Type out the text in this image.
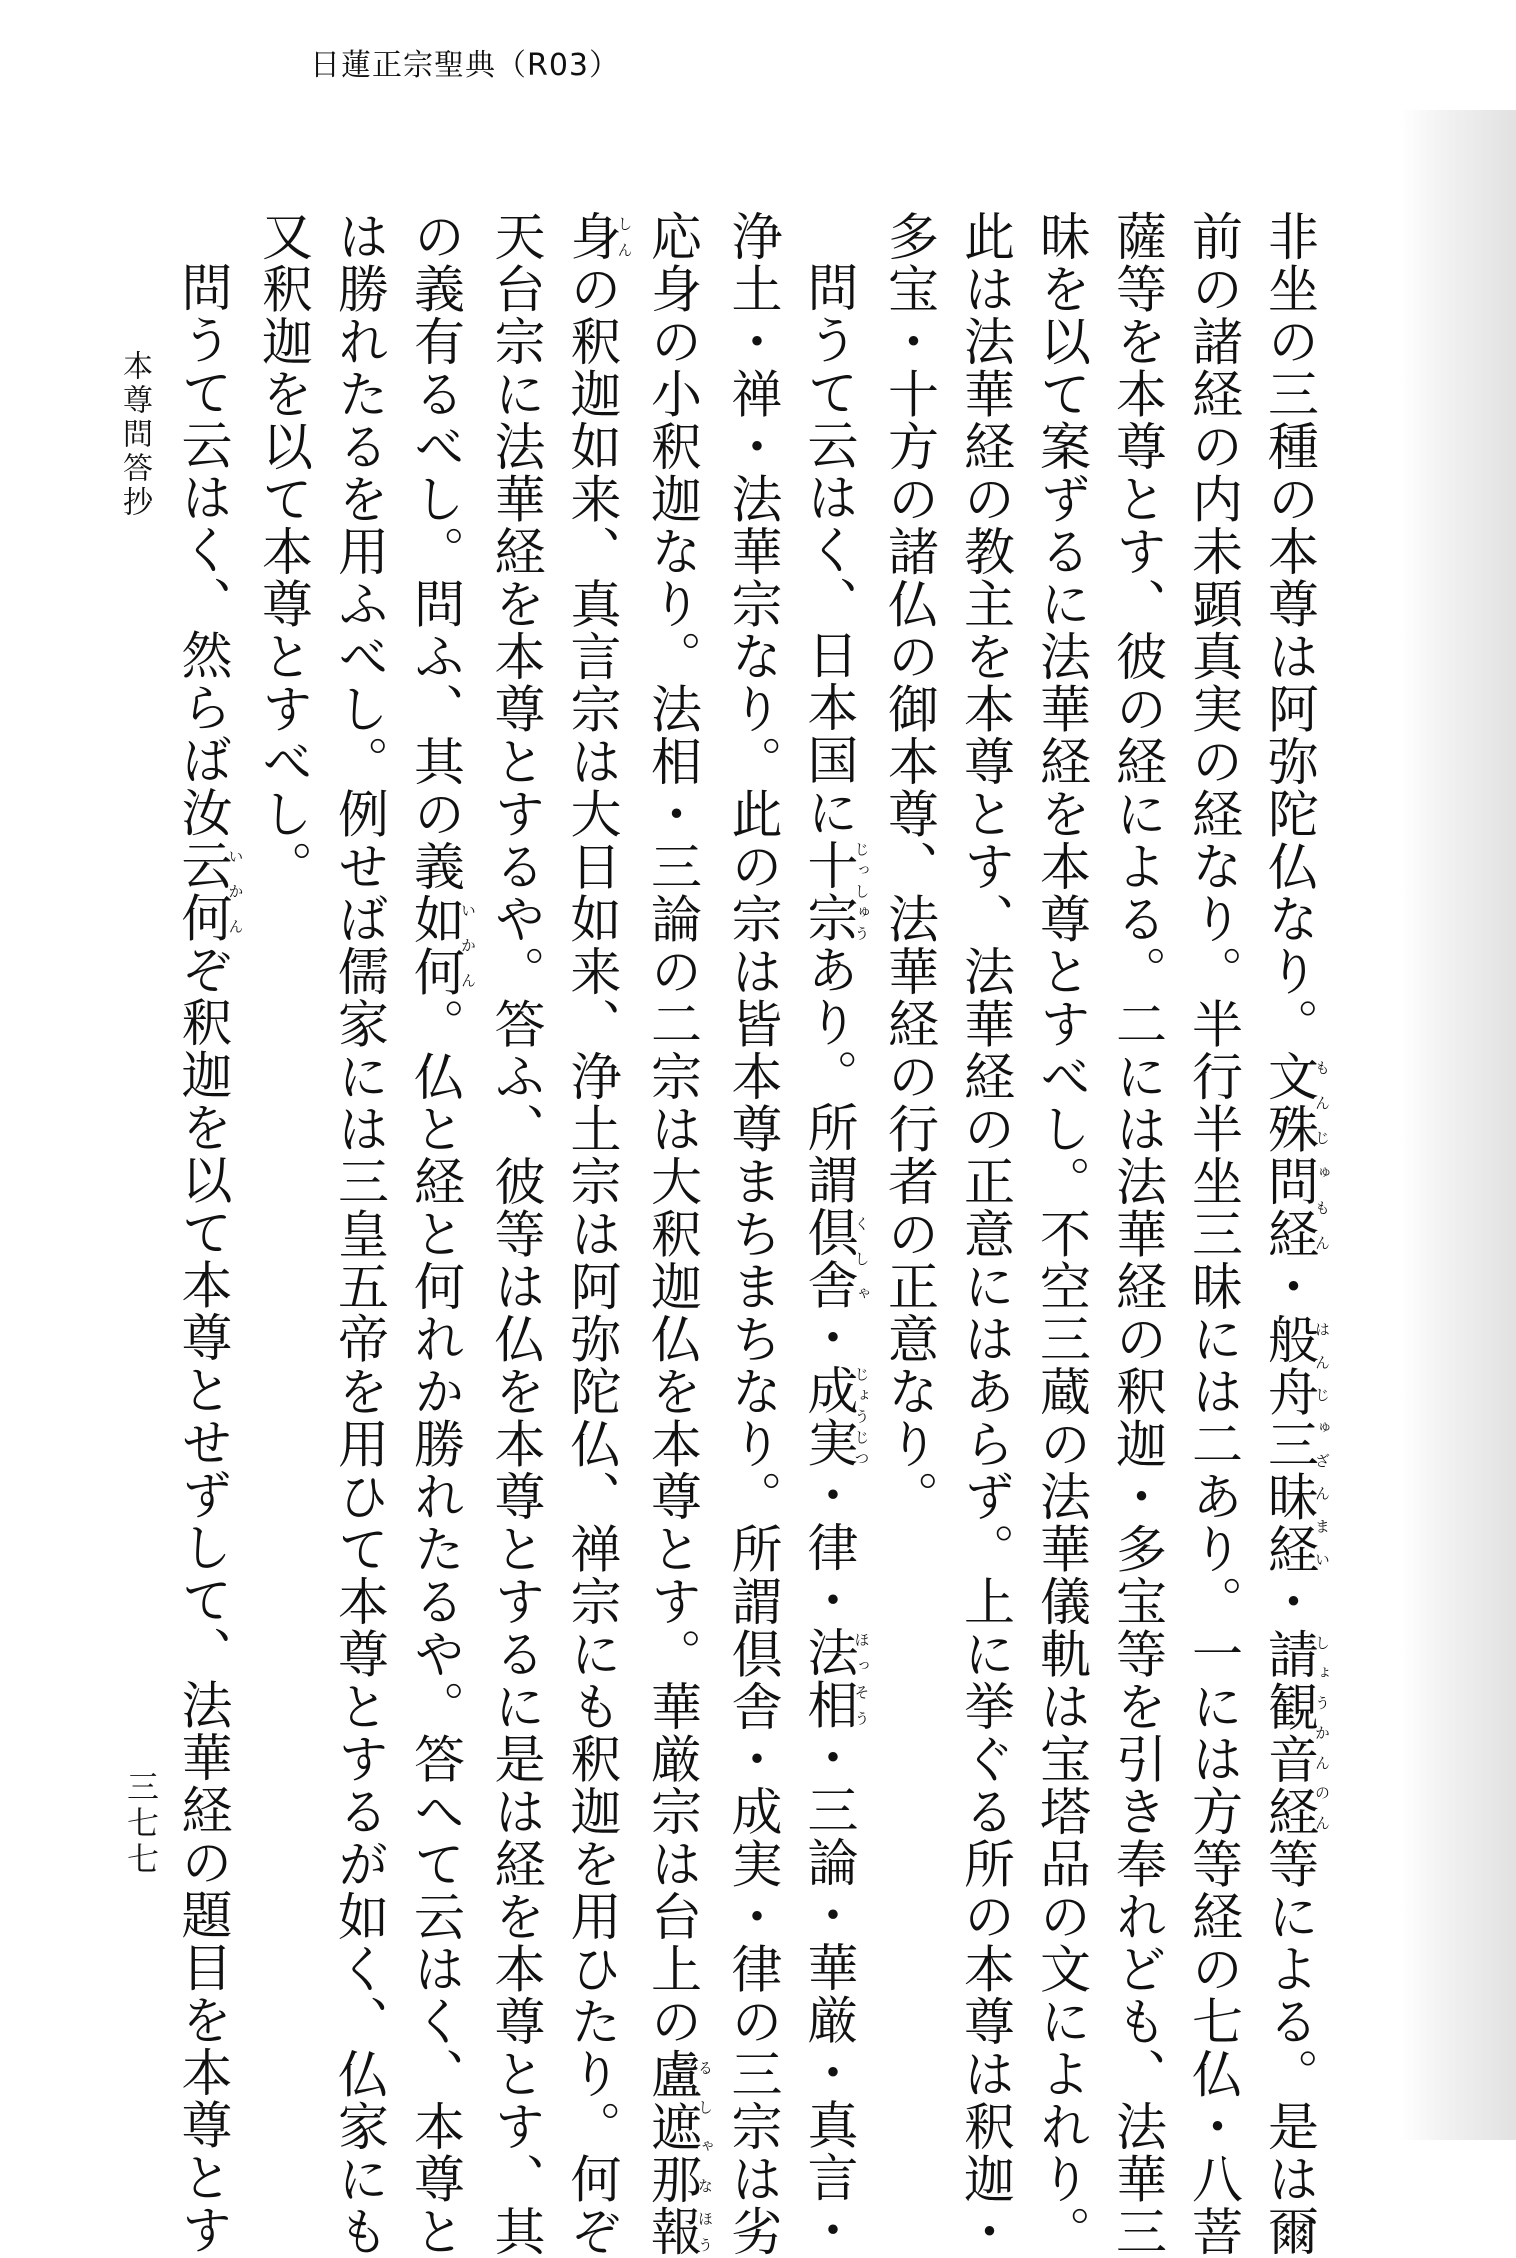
日蓮正宗聖典（R03）
非坐の三種の本尊は阿弥陀仏なり。文殊問経もんじゅもん・般舟三昧経はんじゅざんまい・請観音経しょうかんのん等による。是は爾
前の諸経の内未顕真実の経なり。半行半坐三昧には二あり。一には方等経の七仏・八菩
薩等を本尊とす、彼の経による。二には法華経の釈迦・多宝等を引き奉れども、法華三
昧を以て案ずるに法華経を本尊とすべし。不空三蔵の法華儀軌は宝塔品の文によれり。
此は法華経の教主を本尊とす、法華経の正意にはあらず。上に挙ぐる所の本尊は釈迦・
多宝・十方の諸仏の御本尊、法華経の行者の正意なり。
問うて云はく、日本国に十宗じっしゅうあり。所謂倶舎くしゃ・成実じょうじつ・律・法相ほっそう・三論・華厳・真言・
浄土・禅・法華宗なり。此の宗は皆本尊まちまちなり。所謂倶舎・成実・律の三宗は劣
応身の小釈迦なり。法相・三論の二宗は大釈迦仏を本尊とす。華厳宗は台上の盧遮那るしゃな報ほう
身しんの釈迦如来、真言宗は大日如来、浄土宗は阿弥陀仏、禅宗にも釈迦を用ひたり。何ぞ
天台宗に法華経を本尊とするや。答ふ、彼等は仏を本尊とするに是は経を本尊とす、其
の義有るべし。問ふ、其の義如何いかん。仏と経と何れか勝れたるや。答へて云はく、本尊と
は勝れたるを用ふべし。例せば儒家には三皇五帝を用ひて本尊とするが如く、仏家にも
又釈迦を以て本尊とすべし。
問うて云はく、然らば汝云何いかんぞ釈迦を以て本尊とせずして、法華経の題目を本尊とす
本尊問答抄
三七七
